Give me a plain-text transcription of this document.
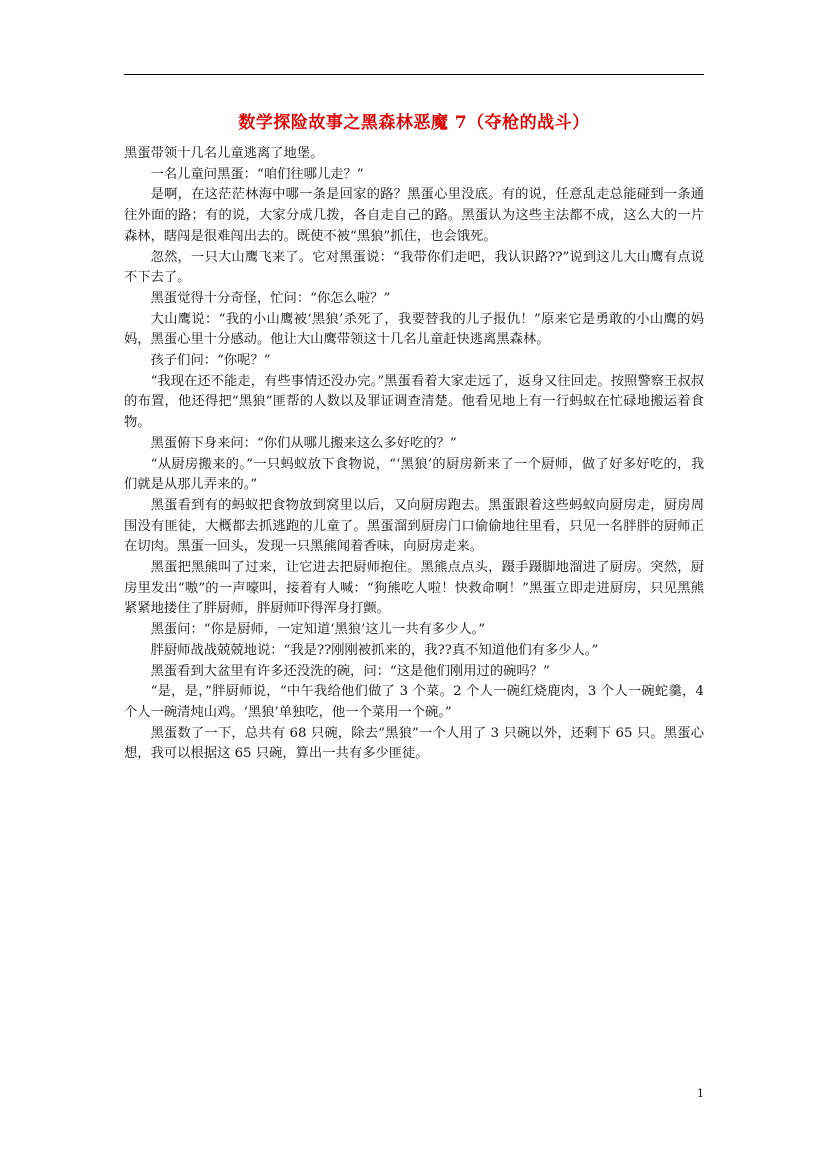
数学探险故事之黑森林恶魔 7（夺枪的战斗）

黑蛋带领十几名儿童逃离了地堡。

一名儿童问黑蛋：“咱们往哪儿走？”

是啊，在这茫茫林海中哪一条是回家的路？黑蛋心里没底。有的说，任意乱走总能碰到一条通往外面的路；有的说，大家分成几拨，各自走自己的路。黑蛋认为这些主法都不成，这么大的一片森林，瞎闯是很难闯出去的。既使不被“黑狼”抓住，也会饿死。

忽然，一只大山鹰飞来了。它对黑蛋说：“我带你们走吧，我认识路??”说到这儿大山鹰有点说不下去了。

黑蛋觉得十分奇怪，忙问：“你怎么啦？”

大山鹰说：“我的小山鹰被‘黑狼’杀死了，我要替我的儿子报仇！”原来它是勇敢的小山鹰的妈妈，黑蛋心里十分感动。他让大山鹰带领这十几名儿童赶快逃离黑森林。

孩子们问：“你呢？”

“我现在还不能走，有些事情还没办完。”黑蛋看着大家走远了，返身又往回走。按照警察王叔叔的布置，他还得把“黑狼”匪帮的人数以及罪证调查清楚。他看见地上有一行蚂蚁在忙碌地搬运着食物。

黑蛋俯下身来问：“你们从哪儿搬来这么多好吃的？”

“从厨房搬来的。”一只蚂蚁放下食物说，“‘黑狼’的厨房新来了一个厨师，做了好多好吃的，我们就是从那儿弄来的。”

黑蛋看到有的蚂蚁把食物放到窝里以后，又向厨房跑去。黑蛋跟着这些蚂蚁向厨房走，厨房周围没有匪徒，大概都去抓逃跑的儿童了。黑蛋溜到厨房门口偷偷地往里看，只见一名胖胖的厨师正在切肉。黑蛋一回头，发现一只黑熊闻着香味，向厨房走来。

黑蛋把黑熊叫了过来，让它进去把厨师抱住。黑熊点点头，蹑手蹑脚地溜进了厨房。突然，厨房里发出“嗷”的一声嚎叫，接着有人喊：“狗熊吃人啦！快救命啊！”黑蛋立即走进厨房，只见黑熊紧紧地搂住了胖厨师，胖厨师吓得浑身打颤。

黑蛋问：“你是厨师，一定知道‘黑狼’这儿一共有多少人。”

胖厨师战战兢兢地说：“我是??刚刚被抓来的，我??真不知道他们有多少人。”

黑蛋看到大盆里有许多还没洗的碗，问：“这是他们刚用过的碗吗？”

“是，是，”胖厨师说，“中午我给他们做了 3 个菜。2 个人一碗红烧鹿肉，3 个人一碗蛇羹，4 个人一碗清炖山鸡。‘黑狼’单独吃，他一个菜用一个碗。”

黑蛋数了一下，总共有 68 只碗，除去“黑狼”一个人用了 3 只碗以外，还剩下 65 只。黑蛋心想，我可以根据这 65 只碗，算出一共有多少匪徒。

1
